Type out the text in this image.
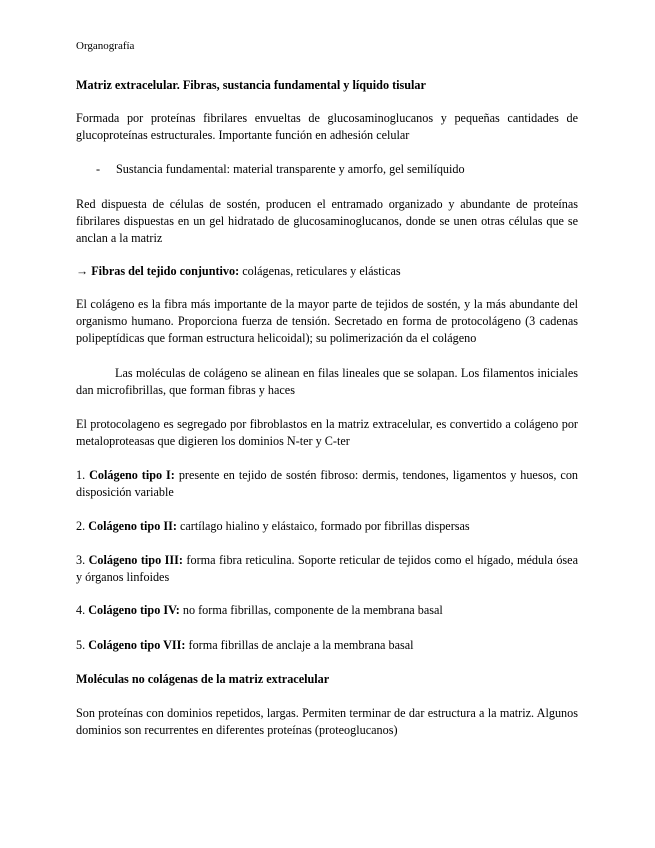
Organografía

Matriz extracelular. Fibras, sustancia fundamental y líquido tisular

Formada por proteínas fibrilares envueltas de glucosaminoglucanos y pequeñas cantidades de glucoproteínas estructurales. Importante función en adhesión celular

- Sustancia fundamental: material transparente y amorfo, gel semilíquido

Red dispuesta de células de sostén, producen el entramado organizado y abundante de proteínas fibrilares dispuestas en un gel hidratado de glucosaminoglucanos, donde se unen otras células que se anclan a la matriz

→ Fibras del tejido conjuntivo: colágenas, reticulares y elásticas

El colágeno es la fibra más importante de la mayor parte de tejidos de sostén, y la más abundante del organismo humano. Proporciona fuerza de tensión. Secretado en forma de protocolágeno (3 cadenas polipeptídicas que forman estructura helicoidal); su polimerización da el colágeno

Las moléculas de colágeno se alinean en filas lineales que se solapan. Los filamentos iniciales dan microfibrillas, que forman fibras y haces

El protocolageno es segregado por fibroblastos en la matriz extracelular, es convertido a colágeno por metaloproteasas que digieren los dominios N-ter y C-ter

1. Colágeno tipo I: presente en tejido de sostén fibroso: dermis, tendones, ligamentos y huesos, con disposición variable

2. Colágeno tipo II: cartílago hialino y elástaico, formado por fibrillas dispersas

3. Colágeno tipo III: forma fibra reticulina. Soporte reticular de tejidos como el hígado, médula ósea y órganos linfoides

4. Colágeno tipo IV: no forma fibrillas, componente de la membrana basal

5. Colágeno tipo VII: forma fibrillas de anclaje a la membrana basal

Moléculas no colágenas de la matriz extracelular

Son proteínas con dominios repetidos, largas. Permiten terminar de dar estructura a la matriz. Algunos dominios son recurrentes en diferentes proteínas (proteoglucanos)
